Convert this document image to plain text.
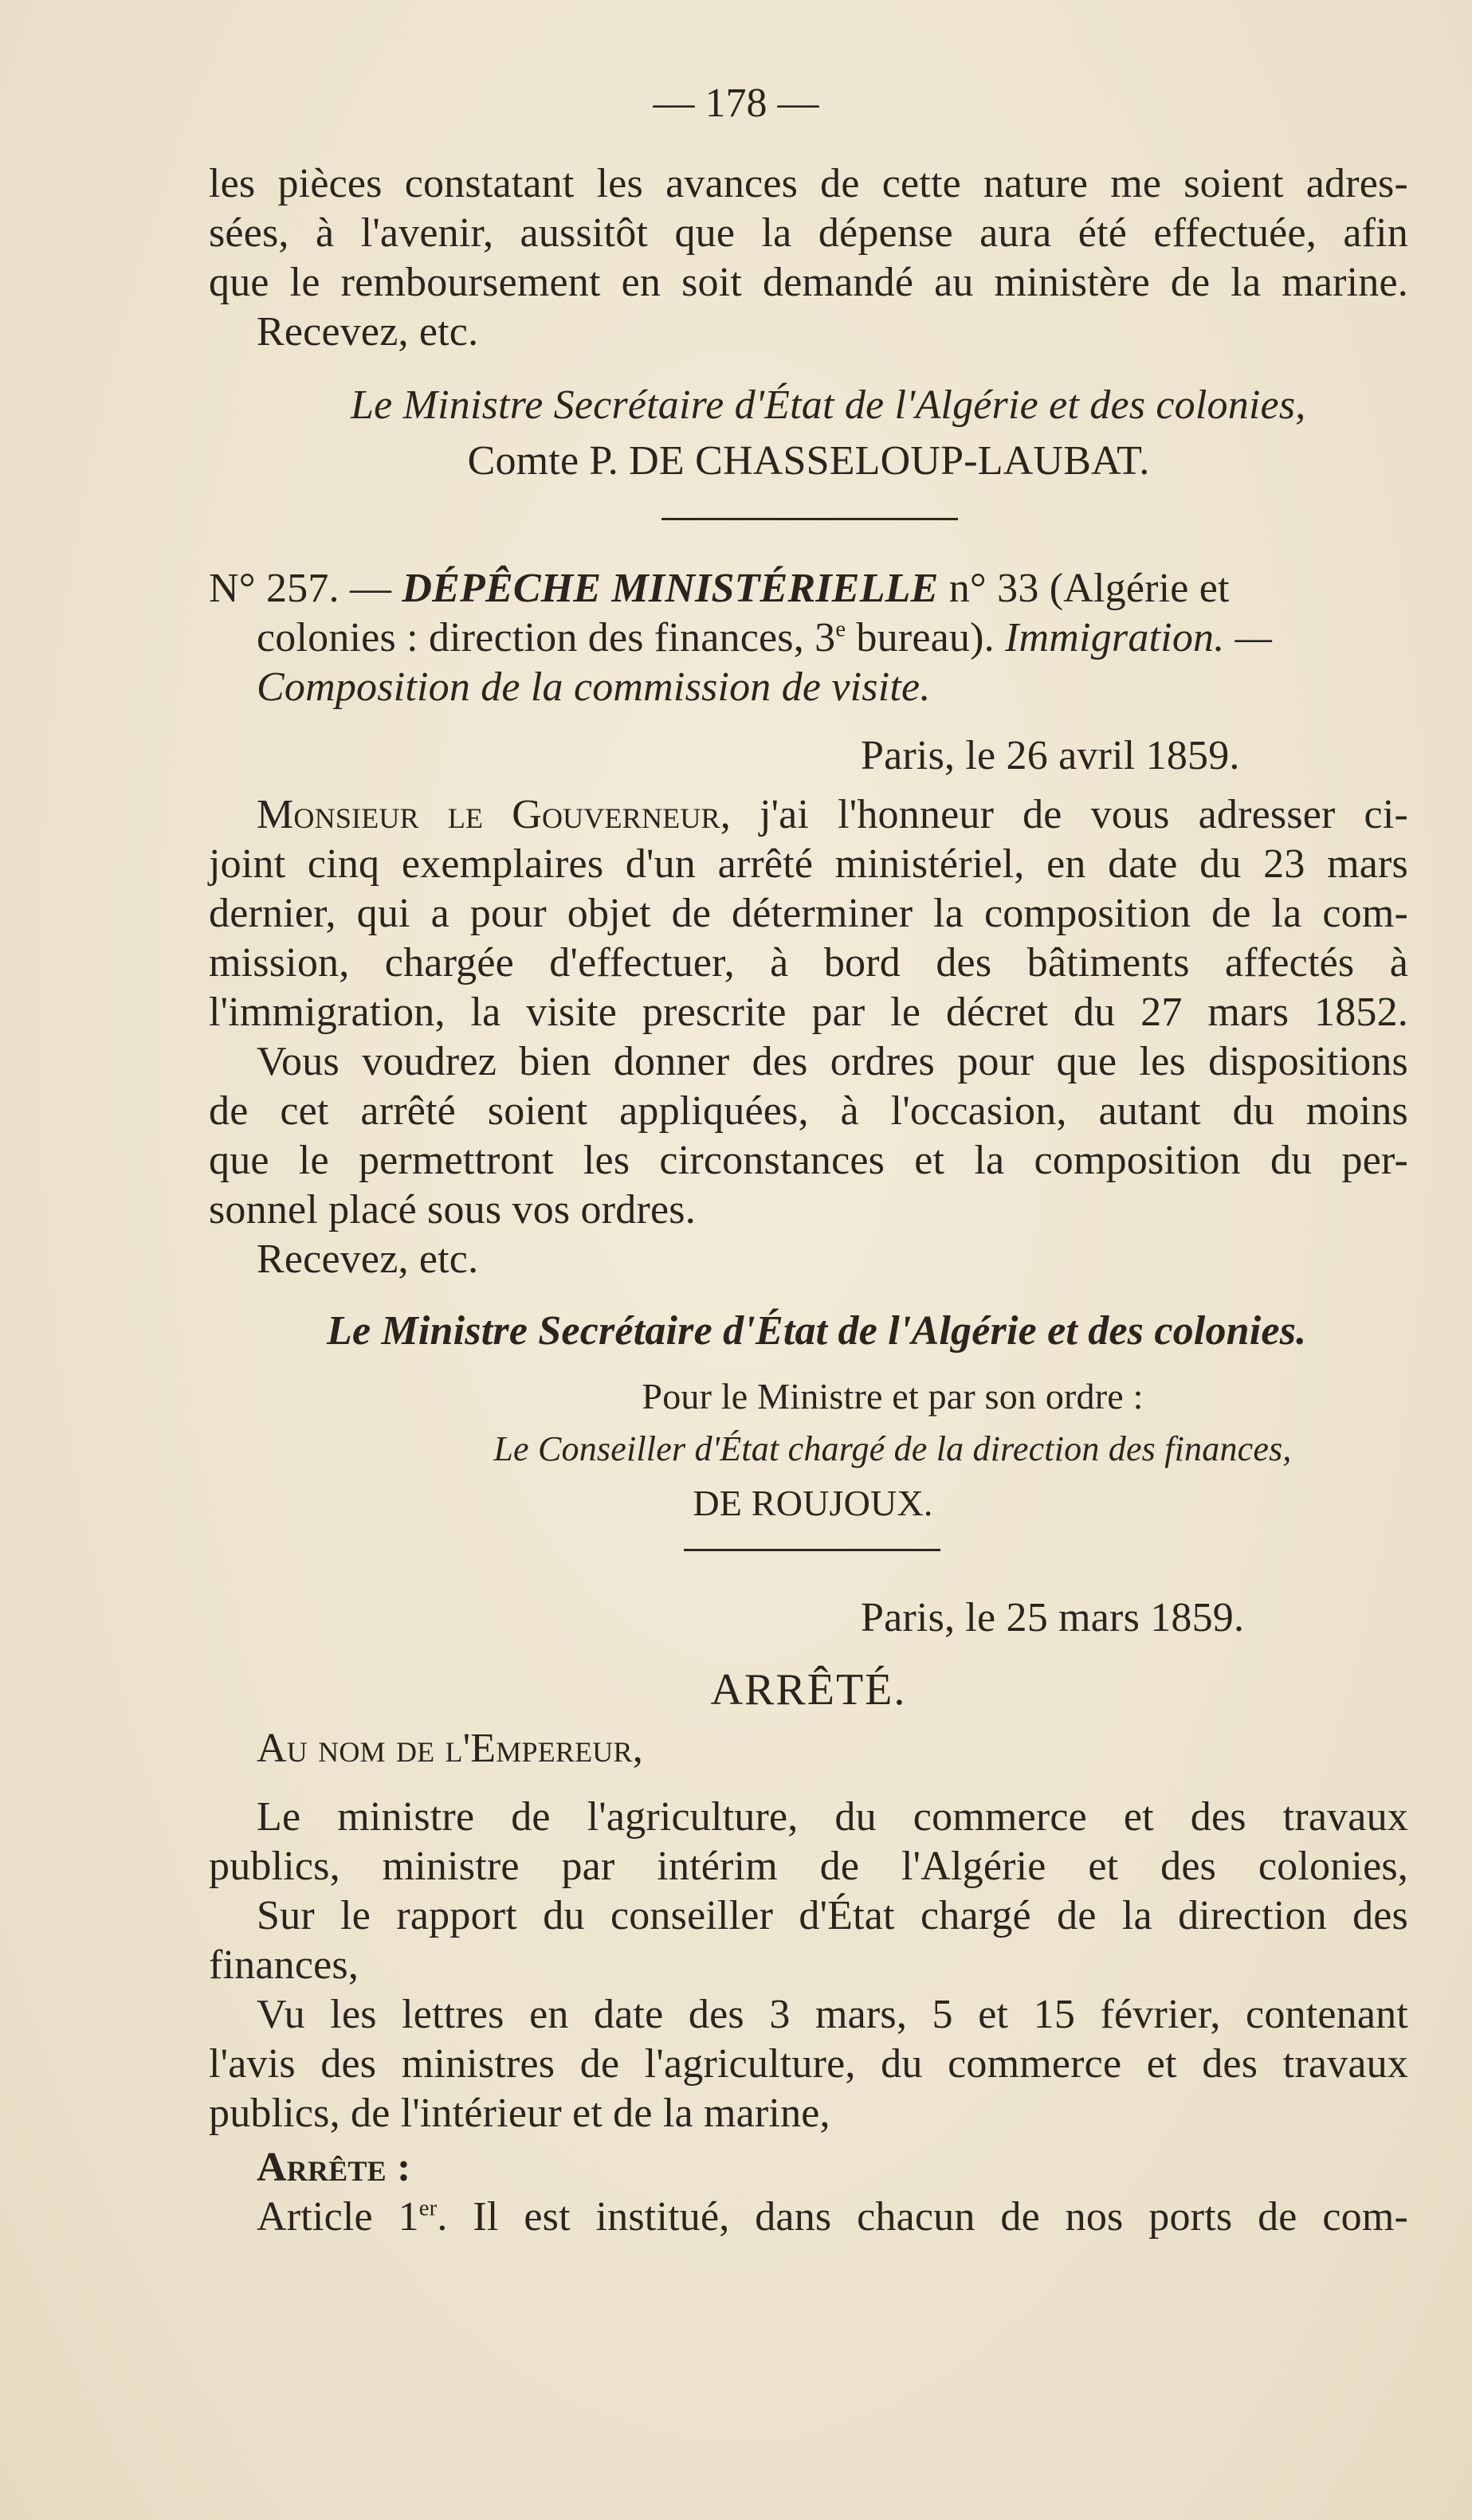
— 178 —
les pièces constatant les avances de cette nature me soient adres-
sées, à l'avenir, aussitôt que la dépense aura été effectuée, afin
que le remboursement en soit demandé au ministère de la marine.
Recevez, etc.
Le Ministre Secrétaire d'État de l'Algérie et des colonies,
Comte P. DE CHASSELOUP-LAUBAT.
N° 257. — DÉPÊCHE MINISTÉRIELLE n° 33 (Algérie et
colonies : direction des finances, 3e bureau). Immigration. —
Composition de la commission de visite.
Paris, le 26 avril 1859.
Monsieur le Gouverneur, j'ai l'honneur de vous adresser ci-
joint cinq exemplaires d'un arrêté ministériel, en date du 23 mars
dernier, qui a pour objet de déterminer la composition de la com-
mission, chargée d'effectuer, à bord des bâtiments affectés à
l'immigration, la visite prescrite par le décret du 27 mars 1852.
Vous voudrez bien donner des ordres pour que les dispositions
de cet arrêté soient appliquées, à l'occasion, autant du moins
que le permettront les circonstances et la composition du per-
sonnel placé sous vos ordres.
Recevez, etc.
Le Ministre Secrétaire d'État de l'Algérie et des colonies.
Pour le Ministre et par son ordre :
Le Conseiller d'État chargé de la direction des finances,
DE ROUJOUX.
Paris, le 25 mars 1859.
ARRÊTÉ.
Au nom de l'Empereur,
Le ministre de l'agriculture, du commerce et des travaux
publics, ministre par intérim de l'Algérie et des colonies,
Sur le rapport du conseiller d'État chargé de la direction des
finances,
Vu les lettres en date des 3 mars, 5 et 15 février, contenant
l'avis des ministres de l'agriculture, du commerce et des travaux
publics, de l'intérieur et de la marine,
Arrête :
Article 1er. Il est institué, dans chacun de nos ports de com-
